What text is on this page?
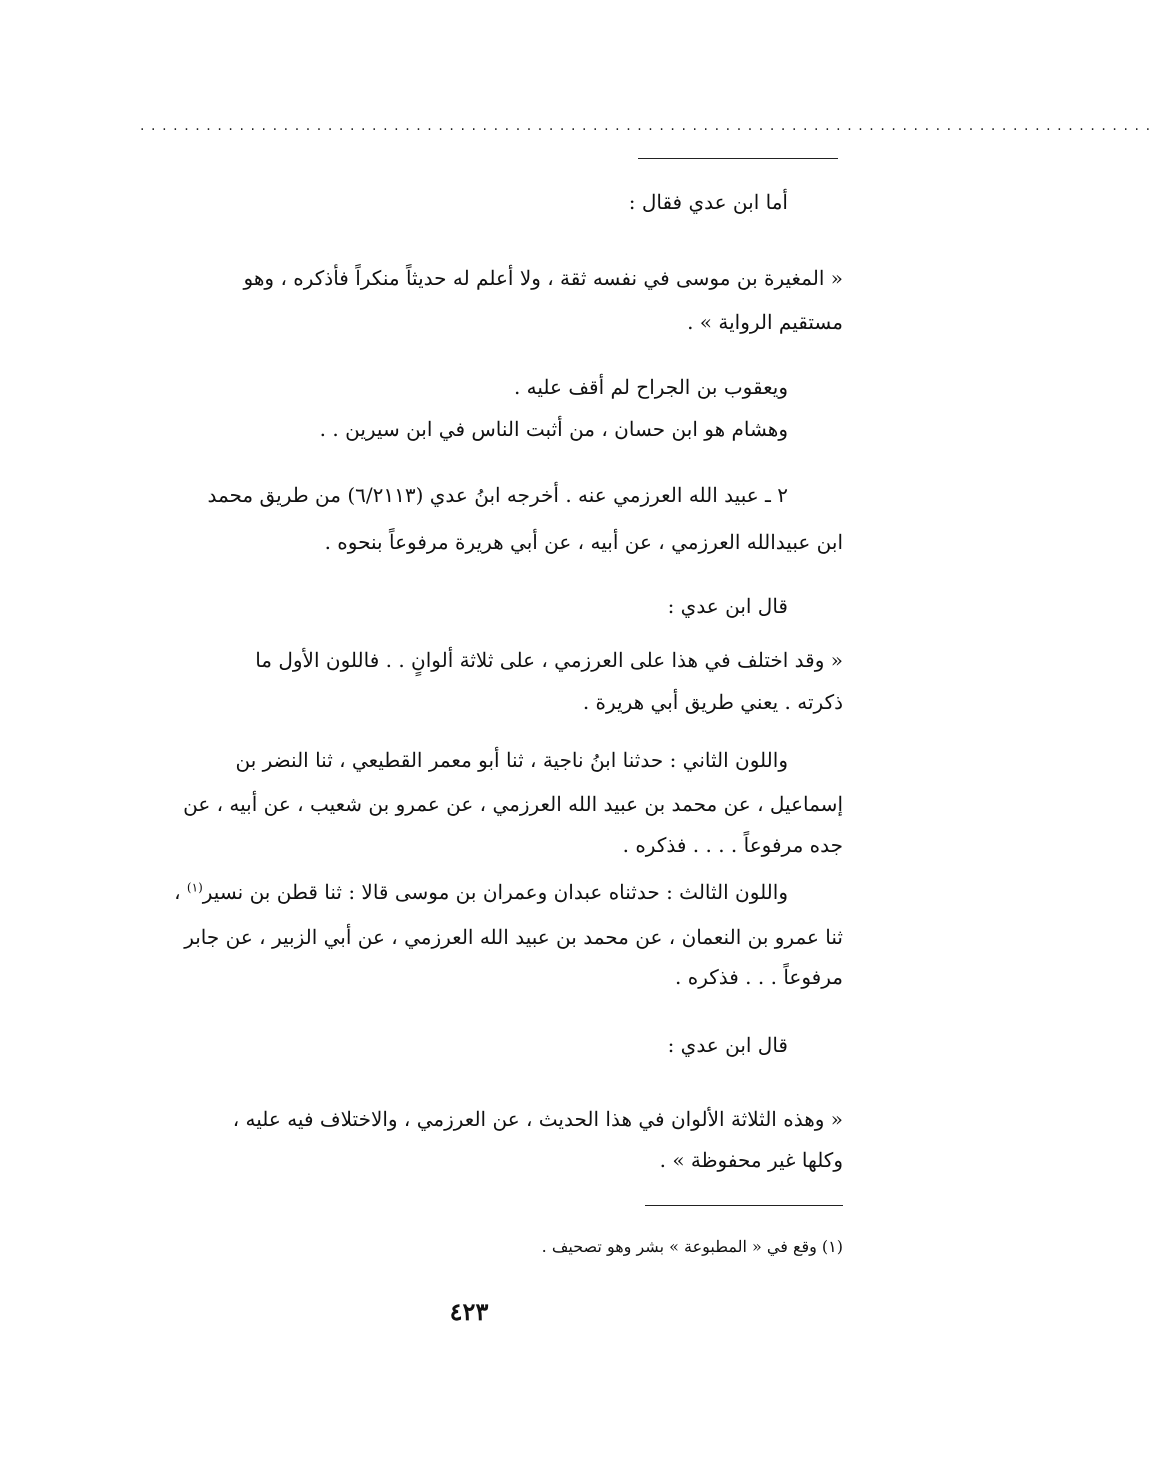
............................................................................................
أما ابن عدي فقال :
« المغيرة بن موسى في نفسه ثقة ، ولا أعلم له حديثاً منكراً فأذكره ، وهو
مستقيم الرواية » .
ويعقوب بن الجراح لم أقف عليه .
وهشام هو ابن حسان ، من أثبت الناس في ابن سيرين . .
٢ ـ عبيد الله العرزمي عنه . أخرجه ابنُ عدي (٦/٢١١٣) من طريق محمد
ابن عبيدالله العرزمي ، عن أبيه ، عن أبي هريرة مرفوعاً بنحوه .
قال ابن عدي :
« وقد اختلف في هذا على العرزمي ، على ثلاثة ألوانٍ . . فاللون الأول ما
ذكرته . يعني طريق أبي هريرة .
واللون الثاني : حدثنا ابنُ ناجية ، ثنا أبو معمر القطيعي ، ثنا النضر بن
إسماعيل ، عن محمد بن عبيد الله العرزمي ، عن عمرو بن شعيب ، عن أبيه ، عن
جده مرفوعاً . . . . فذكره .
واللون الثالث : حدثناه عبدان وعمران بن موسى قالا : ثنا قطن بن نسير$^{(١)}$ ،
ثنا عمرو بن النعمان ، عن محمد بن عبيد الله العرزمي ، عن أبي الزبير ، عن جابر
مرفوعاً . . . فذكره .
قال ابن عدي :
« وهذه الثلاثة الألوان في هذا الحديث ، عن العرزمي ، والاختلاف فيه عليه ،
وكلها غير محفوظة » .
(١) وقع في « المطبوعة » بشر وهو تصحيف .
٤٢٣
